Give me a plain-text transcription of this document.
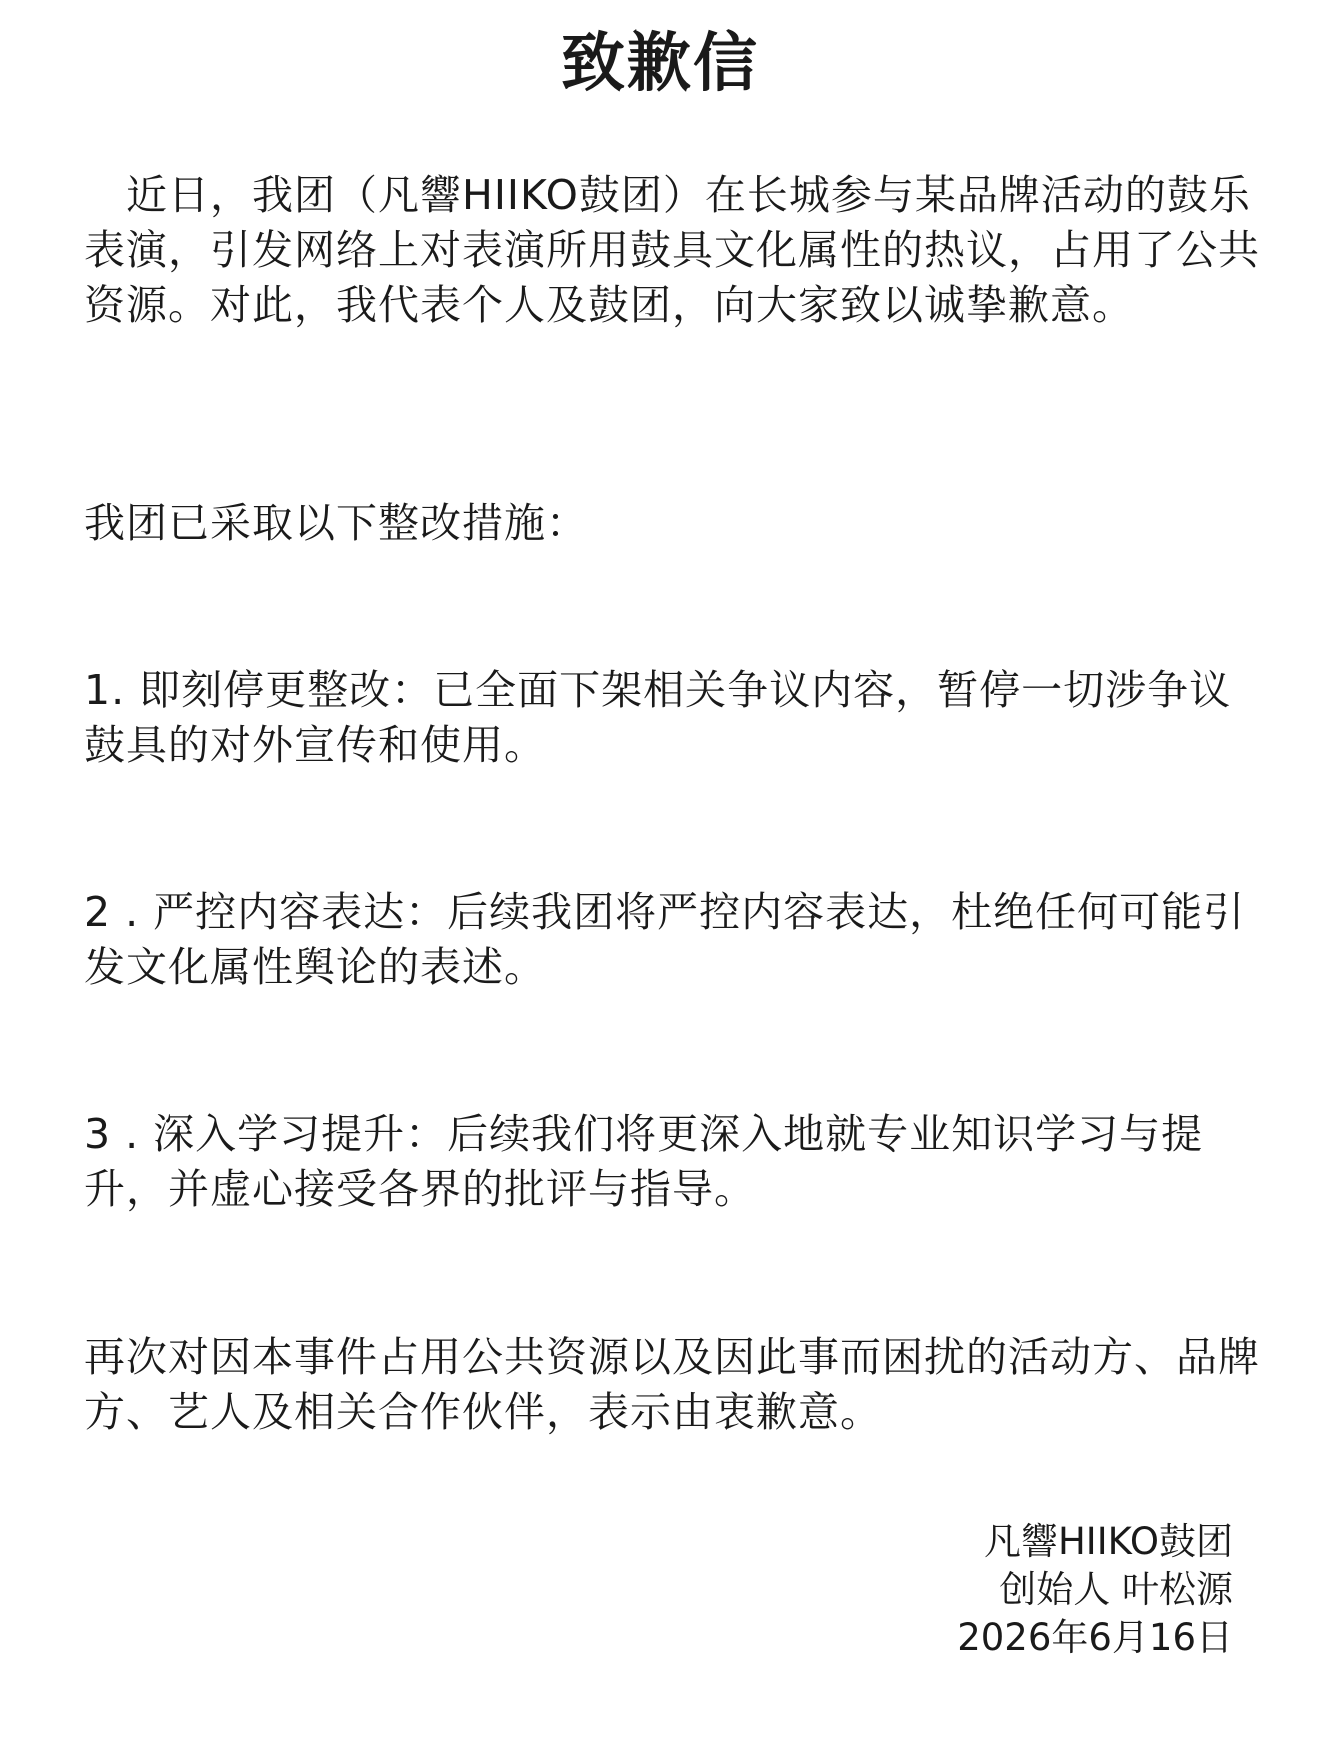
致歉信

近日，我团（凡響HIIKO鼓团）在长城参与某品牌活动的鼓乐表演，引发网络上对表演所用鼓具文化属性的热议，占用了公共资源。对此，我代表个人及鼓团，向大家致以诚挚歉意。

我团已采取以下整改措施：

1. 即刻停更整改：已全面下架相关争议内容，暂停一切涉争议鼓具的对外宣传和使用。

2 . 严控内容表达：后续我团将严控内容表达，杜绝任何可能引发文化属性舆论的表述。

3 . 深入学习提升：后续我们将更深入地就专业知识学习与提升，并虚心接受各界的批评与指导。

再次对因本事件占用公共资源以及因此事而困扰的活动方、品牌方、艺人及相关合作伙伴，表示由衷歉意。

凡響HIIKO鼓团
创始人 叶松源
2026年6月16日
